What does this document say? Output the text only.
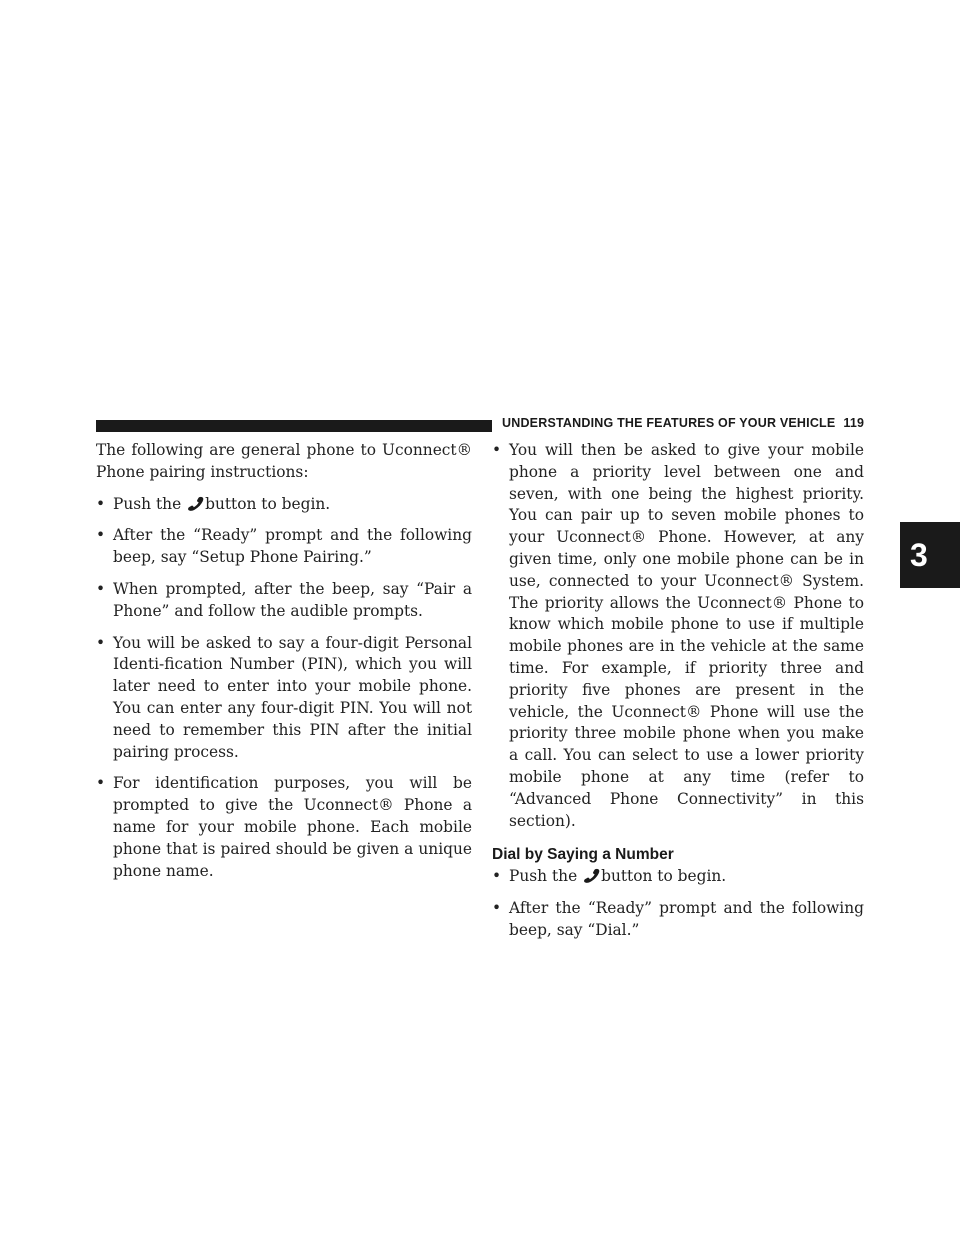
UNDERSTANDING THE FEATURES OF YOUR VEHICLE 119
3

The following are general phone to Uconnect® Phone pairing instructions:

• Push the button to begin.
• After the “Ready” prompt and the following beep, say “Setup Phone Pairing.”
• When prompted, after the beep, say “Pair a Phone” and follow the audible prompts.
• You will be asked to say a four-digit Personal Identi-fication Number (PIN), which you will later need to enter into your mobile phone. You can enter any four-digit PIN. You will not need to remember this PIN after the initial pairing process.
• For identification purposes, you will be prompted to give the Uconnect® Phone a name for your mobile phone. Each mobile phone that is paired should be given a unique phone name.
• You will then be asked to give your mobile phone a priority level between one and seven, with one being the highest priority. You can pair up to seven mobile phones to your Uconnect® Phone. However, at any given time, only one mobile phone can be in use, connected to your Uconnect® System. The priority allows the Uconnect® Phone to know which mobile phone to use if multiple mobile phones are in the vehicle at the same time. For example, if priority three and priority five phones are present in the vehicle, the Uconnect® Phone will use the priority three mobile phone when you make a call. You can select to use a lower priority mobile phone at any time (refer to “Advanced Phone Connectivity” in this section).
Dial by Saying a Number
• Push the button to begin.
• After the “Ready” prompt and the following beep, say “Dial.”
